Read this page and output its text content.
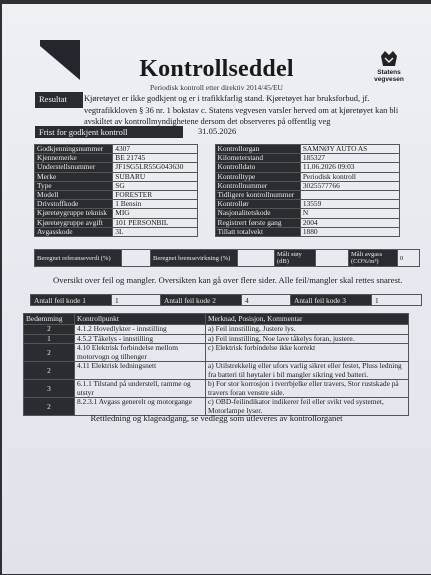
Kontrollseddel
Periodisk kontroll etter direktiv 2014/45/EU
Statens vegvesen
Resultat	Kjøretøyet er ikke godkjent og er i trafikkfarlig stand. Kjøretøyet har bruksforbud, jf.
vegtrafikkloven § 36 nr. 1 bokstav c. Statens vegvesen varsler herved om at kjøretøyet kan bli
avskiltet av kontrollmyndighetene dersom det observeres på offentlig veg
Frist for godkjent kontroll	31.05.2026
Godkjenningsnummer	4307		Kontrollorgan	SAMNØY AUTO AS
Kjennemerke	BE 21745		Kilometerstand	185327
Understellsnummer	JF1SG5LR55G043630		Kontrolldato	11.06.2026 09:03
Merke	SUBARU		Kontrolltype	Periodisk kontroll
Type	SG		Kontrollnummer	3025577766
Modell	FORESTER		Tidligere kontrollnummer	
Drivstoffkode	1 Bensin		Kontrollør	13559
Kjøretøygruppe teknisk	MIG		Nasjonalitetskode	N
Kjøretøygruppe avgift	101 PERSONBIL		Registrert første gang	2004
Avgasskode	3L		Tillatt totalvekt	1880
Beregnet referanseverdi (%)		Beregnet bremsevirkning (%)		Målt støy (dB)		Målt avgass (CO%/m³)	0
Oversikt over feil og mangler. Oversikten kan gå over flere sider. Alle feil/mangler skal rettes snarest.
Antall feil kode 1	1	Antall feil kode 2	4	Antall feil kode 3	1
Bedømming	Kontrollpunkt	Merknad, Posisjon, Kommentar
2	4.1.2 Hovedlykter - innstilling	a) Feil innstilling, Justere lys.
1	4.5.2 Tåkelys - innstilling	a) Feil innstilling, Noe lave tåkelys foran, justere.
2	4.10 Elektrisk forbindelse mellom motorvogn og tilhenger	c) Elektrisk forbindelse ikke korrekt
2	4.11 Elektrisk ledningsnett	a) Utilstrekkelig eller ufors varlig sikret eller festet, Pluss ledning fra batteri til høytaler i bil mangler sikring ved batteri.
3	6.1.1 Tilstand på understell, ramme og utstyr	b) For stor korrosjon i tverrbjelke eller travers, Stor rustskade på travers foran venstre side.
2	8.2.3.1 Avgass generelt og motorgange	c) OBD-feilindikator indikerer feil eller svikt ved systemet, Motorlampe lyser.
Rettledning og klageadgang, se vedlegg som utleveres av kontrollorganet
